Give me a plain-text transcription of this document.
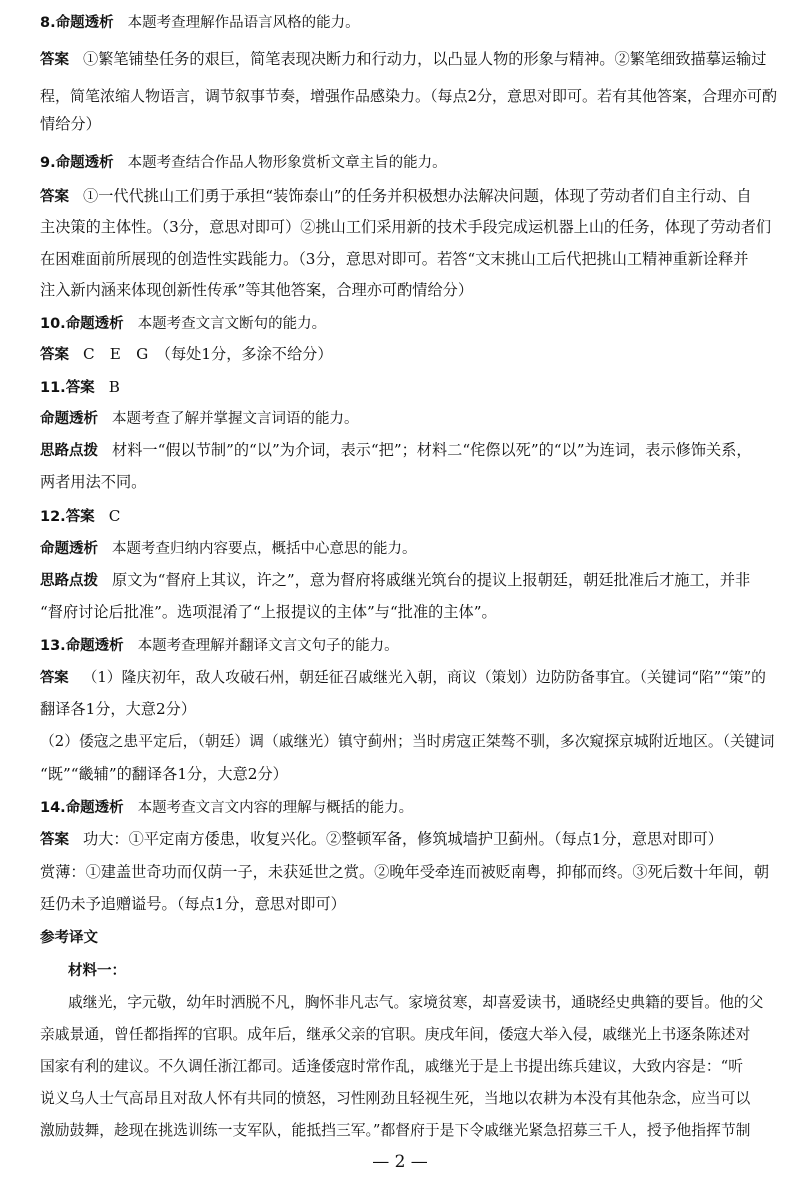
8.命题透析 本题考查理解作品语言风格的能力。
答案 ①繁笔铺垫任务的艰巨，简笔表现决断力和行动力，以凸显人物的形象与精神。②繁笔细致描摹运输过
程，简笔浓缩人物语言，调节叙事节奏，增强作品感染力。（每点2分，意思对即可。若有其他答案，合理亦可酌
情给分）
9.命题透析 本题考查结合作品人物形象赏析文章主旨的能力。
答案 ①一代代挑山工们勇于承担“装饰泰山”的任务并积极想办法解决问题，体现了劳动者们自主行动、自
主决策的主体性。（3分，意思对即可）②挑山工们采用新的技术手段完成运机器上山的任务，体现了劳动者们
在困难面前所展现的创造性实践能力。（3分，意思对即可。若答“文末挑山工后代把挑山工精神重新诠释并
注入新内涵来体现创新性传承”等其他答案，合理亦可酌情给分）
10.命题透析 本题考查文言文断句的能力。
答案 C　E　G　（每处1分，多涂不给分）
11.答案 B
命题透析 本题考查了解并掌握文言词语的能力。
思路点拨 材料一“假以节制”的“以”为介词，表示“把”；材料二“侘傺以死”的“以”为连词，表示修饰关系，
两者用法不同。
12.答案 C
命题透析 本题考查归纳内容要点，概括中心意思的能力。
思路点拨 原文为“督府上其议，许之”，意为督府将戚继光筑台的提议上报朝廷，朝廷批准后才施工，并非
“督府讨论后批准”。选项混淆了“上报提议的主体”与“批准的主体”。
13.命题透析 本题考查理解并翻译文言文句子的能力。
答案 （1）隆庆初年，敌人攻破石州，朝廷征召戚继光入朝，商议（策划）边防防备事宜。（关键词“陷”“策”的
翻译各1分，大意2分）
（2）倭寇之患平定后，（朝廷）调（戚继光）镇守蓟州；当时虏寇正桀骜不驯，多次窥探京城附近地区。（关键词
“既”“畿辅”的翻译各1分，大意2分）
14.命题透析 本题考查文言文内容的理解与概括的能力。
答案 功大：①平定南方倭患，收复兴化。②整顿军备，修筑城墙护卫蓟州。（每点1分，意思对即可）
赏薄：①建盖世奇功而仅荫一子，未获延世之赏。②晚年受牵连而被贬南粤，抑郁而终。③死后数十年间，朝
廷仍未予追赠谥号。（每点1分，意思对即可）
参考译文
材料一：
戚继光，字元敬，幼年时洒脱不凡，胸怀非凡志气。家境贫寒，却喜爱读书，通晓经史典籍的要旨。他的父
亲戚景通，曾任都指挥的官职。成年后，继承父亲的官职。庚戌年间，倭寇大举入侵，戚继光上书逐条陈述对
国家有利的建议。不久调任浙江都司。适逢倭寇时常作乱，戚继光于是上书提出练兵建议，大致内容是：“听
说义乌人士气高昂且对敌人怀有共同的愤怒，习性刚劲且轻视生死，当地以农耕为本没有其他杂念，应当可以
激励鼓舞，趁现在挑选训练一支军队，能抵挡三军。”都督府于是下令戚继光紧急招募三千人，授予他指挥节制
— 2 —
